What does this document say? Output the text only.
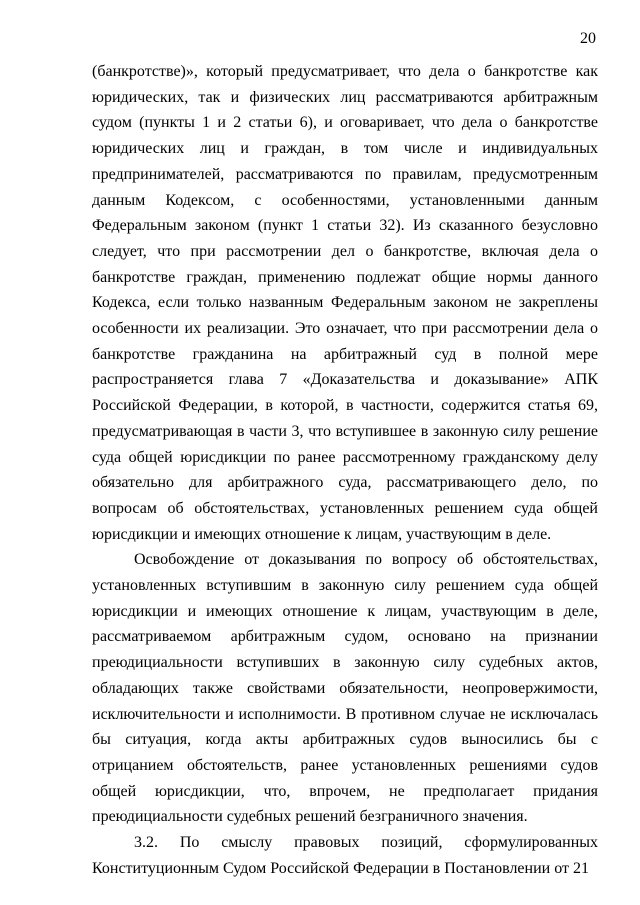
20

(банкротстве)», который предусматривает, что дела о банкротстве как юридических, так и физических лиц рассматриваются арбитражным судом (пункты 1 и 2 статьи 6), и оговаривает, что дела о банкротстве юридических лиц и граждан, в том числе и индивидуальных предпринимателей, рассматриваются по правилам, предусмотренным данным Кодексом, с особенностями, установленными данным Федеральным законом (пункт 1 статьи 32). Из сказанного безусловно следует, что при рассмотрении дел о банкротстве, включая дела о банкротстве граждан, применению подлежат общие нормы данного Кодекса, если только названным Федеральным законом не закреплены особенности их реализации. Это означает, что при рассмотрении дела о банкротстве гражданина на арбитражный суд в полной мере распространяется глава 7 «Доказательства и доказывание» АПК Российской Федерации, в которой, в частности, содержится статья 69, предусматривающая в части 3, что вступившее в законную силу решение суда общей юрисдикции по ранее рассмотренному гражданскому делу обязательно для арбитражного суда, рассматривающего дело, по вопросам об обстоятельствах, установленных решением суда общей юрисдикции и имеющих отношение к лицам, участвующим в деле.

Освобождение от доказывания по вопросу об обстоятельствах, установленных вступившим в законную силу решением суда общей юрисдикции и имеющих отношение к лицам, участвующим в деле, рассматриваемом арбитражным судом, основано на признании преюдициальности вступивших в законную силу судебных актов, обладающих также свойствами обязательности, неопровержимости, исключительности и исполнимости. В противном случае не исключалась бы ситуация, когда акты арбитражных судов выносились бы с отрицанием обстоятельств, ранее установленных решениями судов общей юрисдикции, что, впрочем, не предполагает придания преюдициальности судебных решений безграничного значения.

3.2. По смыслу правовых позиций, сформулированных Конституционным Судом Российской Федерации в Постановлении от 21
